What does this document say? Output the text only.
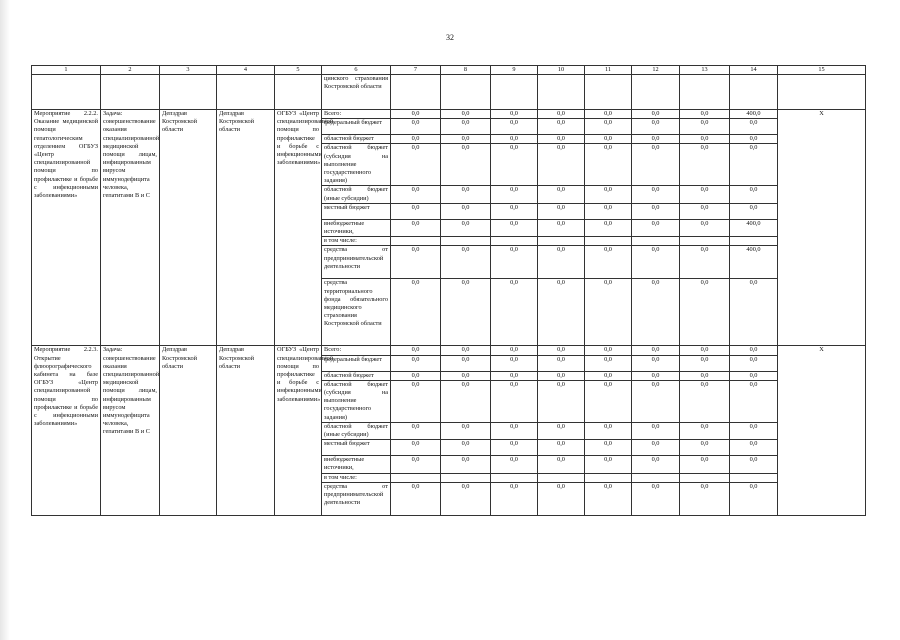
32
1	2	3	4	5	6	7	8	9	10	11	12	13	14	15
					цинского страхования Костромской области									
Мероприятие 2.2.2. Оказание медицинской помощи гепатологическим отделением ОГБУЗ «Центр специализированной помощи по профилактике и борьбе с инфекционными заболеваниями»	Задача: совершенствование оказания специализированной медицинской помощи лицам, инфицированным вирусом иммунодефицита человека, гепатитами В и С	Депздрав Костромской области	Депздрав Костромской области	ОГБУЗ «Центр специализированной помощи по профилактике и борьбе с инфекционными заболеваниями»	Всего:	0,0	0,0	0,0	0,0	0,0	0,0	0,0	400,0	X
					федеральный бюджет	0,0	0,0	0,0	0,0	0,0	0,0	0,0	0,0	
					областной бюджет	0,0	0,0	0,0	0,0	0,0	0,0	0,0	0,0	
					областной бюджет (субсидия на выполнение государственного задания)	0,0	0,0	0,0	0,0	0,0	0,0	0,0	0,0	
					областной бюджет (иные субсидии)	0,0	0,0	0,0	0,0	0,0	0,0	0,0	0,0	
					местный бюджет	0,0	0,0	0,0	0,0	0,0	0,0	0,0	0,0	
					внебюджетные источники,	0,0	0,0	0,0	0,0	0,0	0,0	0,0	400,0	
					в том числе:									
					средства от предпринимательской деятельности	0,0	0,0	0,0	0,0	0,0	0,0	0,0	400,0	
					средства территориального фонда обязательного медицинского страхования Костромской области	0,0	0,0	0,0	0,0	0,0	0,0	0,0	0,0	
Мероприятие 2.2.3. Открытие флюорографического кабинета на базе ОГБУЗ «Центр специализированной помощи по профилактике и борьбе с инфекционными заболеваниями»	Задача: совершенствование оказания специализированной медицинской помощи лицам, инфицированным вирусом иммунодефицита человека, гепатитами В и С	Депздрав Костромской области	Депздрав Костромской области	ОГБУЗ «Центр специализированной помощи по профилактике и борьбе с инфекционными заболеваниями»	Всего:	0,0	0,0	0,0	0,0	0,0	0,0	0,0	0,0	X
					федеральный бюджет	0,0	0,0	0,0	0,0	0,0	0,0	0,0	0,0	
					областной бюджет	0,0	0,0	0,0	0,0	0,0	0,0	0,0	0,0	
					областной бюджет (субсидия на выполнение государственного задания)	0,0	0,0	0,0	0,0	0,0	0,0	0,0	0,0	
					областной бюджет (иные субсидии)	0,0	0,0	0,0	0,0	0,0	0,0	0,0	0,0	
					местный бюджет	0,0	0,0	0,0	0,0	0,0	0,0	0,0	0,0	
					внебюджетные источники,	0,0	0,0	0,0	0,0	0,0	0,0	0,0	0,0	
					в том числе:									
					средства от предпринимательской деятельности	0,0	0,0	0,0	0,0	0,0	0,0	0,0	0,0	
